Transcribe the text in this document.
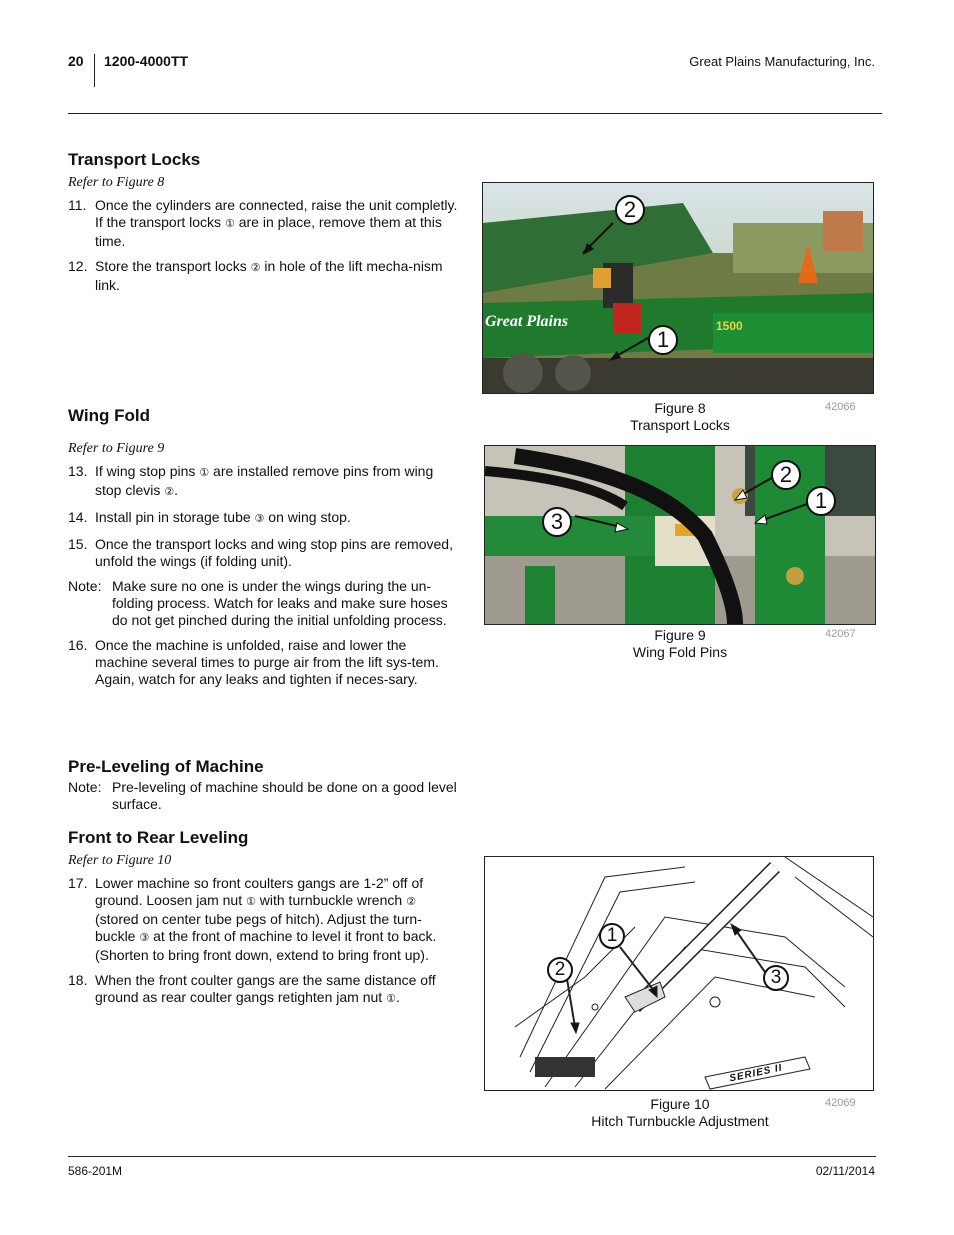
20 1200-4000TT	Great Plains Manufacturing, Inc.
Transport Locks
Refer to Figure 8
11. Once the cylinders are connected, raise the unit completly. If the transport locks ① are in place, remove them at this time.
12. Store the transport locks ② in hole of the lift mecha-nism link.
Wing Fold
Refer to Figure 9
13. If wing stop pins ① are installed remove pins from wing stop clevis ②.
14. Install pin in storage tube ③ on wing stop.
15. Once the transport locks and wing stop pins are removed, unfold the wings (if folding unit).
Note: Make sure no one is under the wings during the un-folding process. Watch for leaks and make sure hoses do not get pinched during the initial unfolding process.
16. Once the machine is unfolded, raise and lower the machine several times to purge air from the lift sys-tem. Again, watch for any leaks and tighten if neces-sary.
Pre-Leveling of Machine
Note: Pre-leveling of machine should be done on a good level surface.
Front to Rear Leveling
Refer to Figure 10
17. Lower machine so front coulters gangs are 1-2” off of ground. Loosen jam nut ① with turnbuckle wrench ② (stored on center tube pegs of hitch). Adjust the turn-buckle ③ at the front of machine to level it front to back. (Shorten to bring front down, extend to bring front up).
18. When the front coulter gangs are the same distance off ground as rear coulter gangs retighten jam nut ①.
Great Plains	1500
2
1
Figure 8
Transport Locks
42066
2
1
3
Figure 9
Wing Fold Pins
42067
SERIES II
1
2	3
Figure 10
Hitch Turnbuckle Adjustment
42069
586-201M	02/11/2014
